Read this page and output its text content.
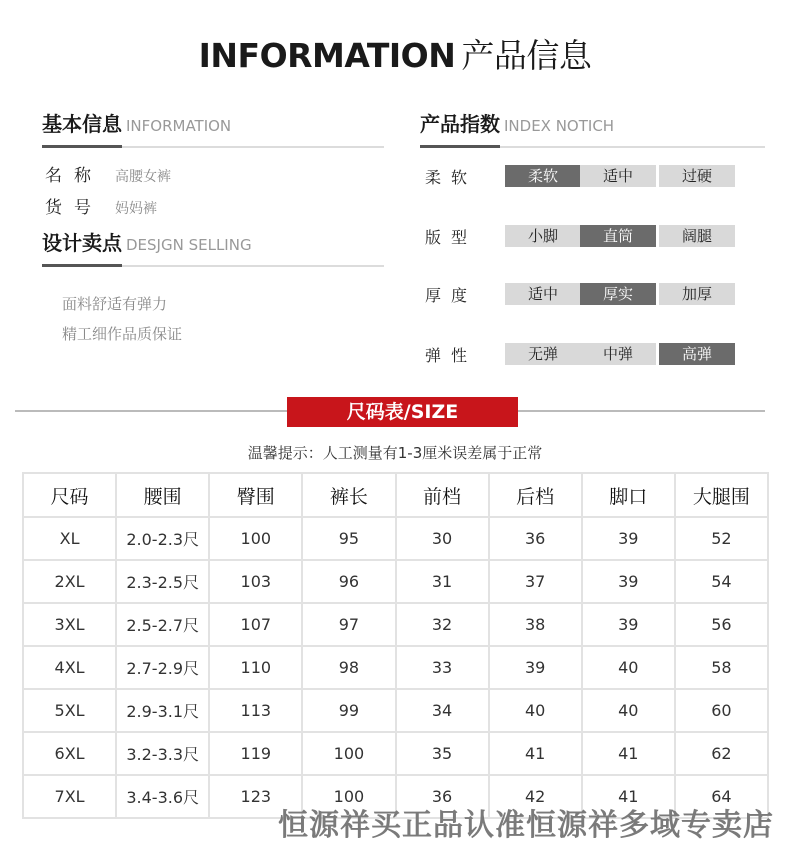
INFORMATION 产品信息
基本信息 INFORMATION
名称 高腰女裤
货号 妈妈裤
设计卖点 DESJGN SELLING
面料舒适有弹力
精工细作品质保证
产品指数 INDEX NOTICH
柔软	柔软	适中	过硬
版型	小脚	直筒	阔腿
厚度	适中	厚实	加厚
弹性	无弹	中弹	高弹
尺码表/SIZE
温馨提示：人工测量有1-3厘米误差属于正常
尺码	腰围	臀围	裤长	前档	后档	脚口	大腿围
XL	2.0-2.3尺	100	95	30	36	39	52
2XL	2.3-2.5尺	103	96	31	37	39	54
3XL	2.5-2.7尺	107	97	32	38	39	56
4XL	2.7-2.9尺	110	98	33	39	40	58
5XL	2.9-3.1尺	113	99	34	40	40	60
6XL	3.2-3.3尺	119	100	35	41	41	62
7XL	3.4-3.6尺	123	100	36	42	41	64
恒源祥买正品认准恒源祥多域专卖店
